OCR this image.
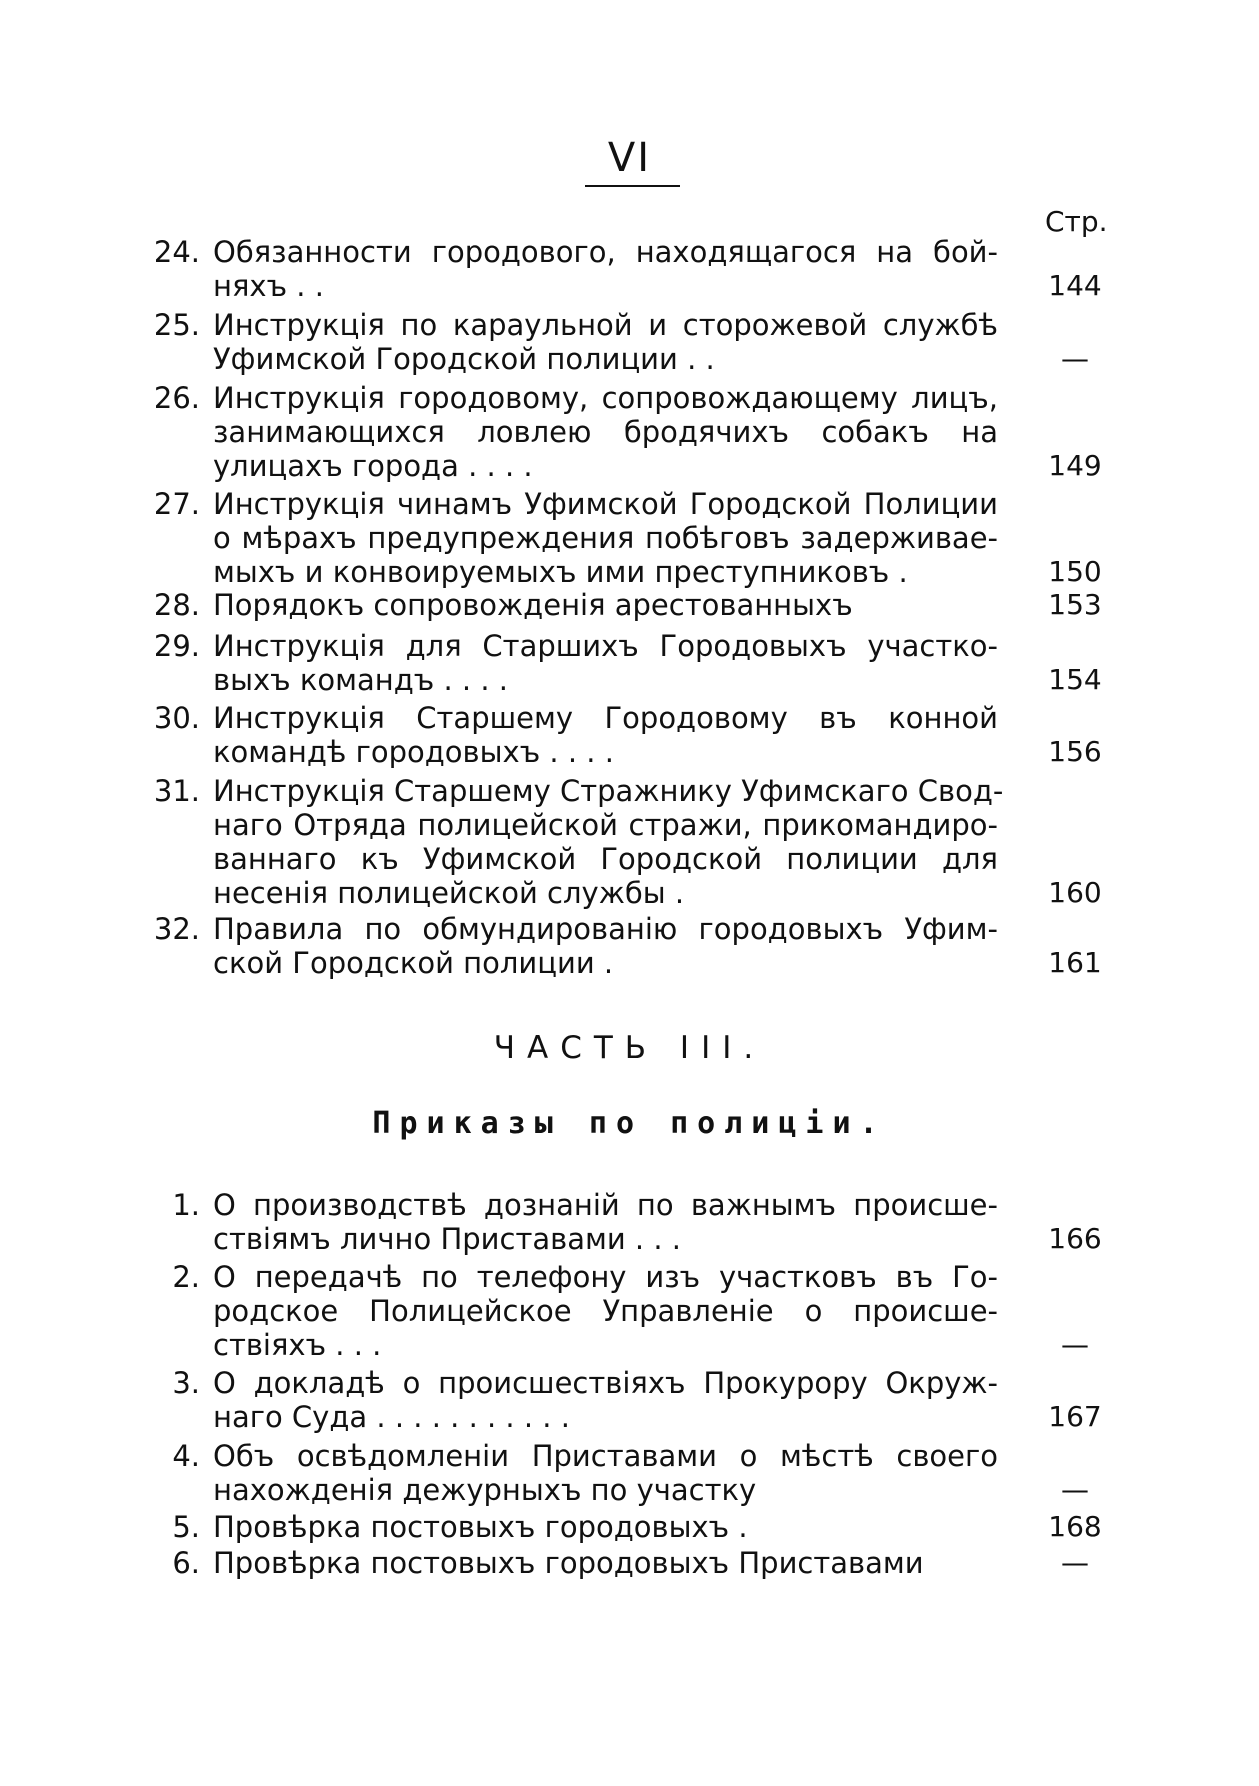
VI
Стр.
24. Обязанности городового, находящагося на бой-
няхъ . .	144
25. Инструкція по караульной и сторожевой службѣ
Уфимской Городской полиции . .	—
26. Инструкція городовому, сопровождающему лицъ,
занимающихся ловлею бродячихъ собакъ на
улицахъ города . . . .	149
27. Инструкція чинамъ Уфимской Городской Полиции
о мѣрахъ предупреждения побѣговъ задерживае-
мыхъ и конвоируемыхъ ими преступниковъ .	150
28. Порядокъ сопровожденія арестованныхъ	153
29. Инструкція для Старшихъ Городовыхъ участко-
выхъ командъ . . . .	154
30. Инструкція Старшему Городовому въ конной
командѣ городовыхъ . . . .	156
31. Инструкція Старшему Стражнику Уфимскаго Свод-
наго Отряда полицейской стражи, прикомандиро-
ваннаго къ Уфимской Городской полиции для
несенія полицейской службы .	160
32. Правила по обмундированію городовыхъ Уфим-
ской Городской полиции .	161
ЧАСТЬ III.
Приказы по полиціи.
1. О производствѣ дознаній по важнымъ происше-
ствіямъ лично Приставами . . .	166
2. О передачѣ по телефону изъ участковъ въ Го-
родское Полицейское Управленіе о происше-
ствіяхъ . . .	—
3. О докладѣ о происшествіяхъ Прокурору Окруж-
наго Суда . . . . . . . . . . .	167
4. Объ освѣдомленіи Приставами о мѣстѣ своего
нахожденія дежурныхъ по участку	—
5. Провѣрка постовыхъ городовыхъ .	168
6. Провѣрка постовыхъ городовыхъ Приставами	—
